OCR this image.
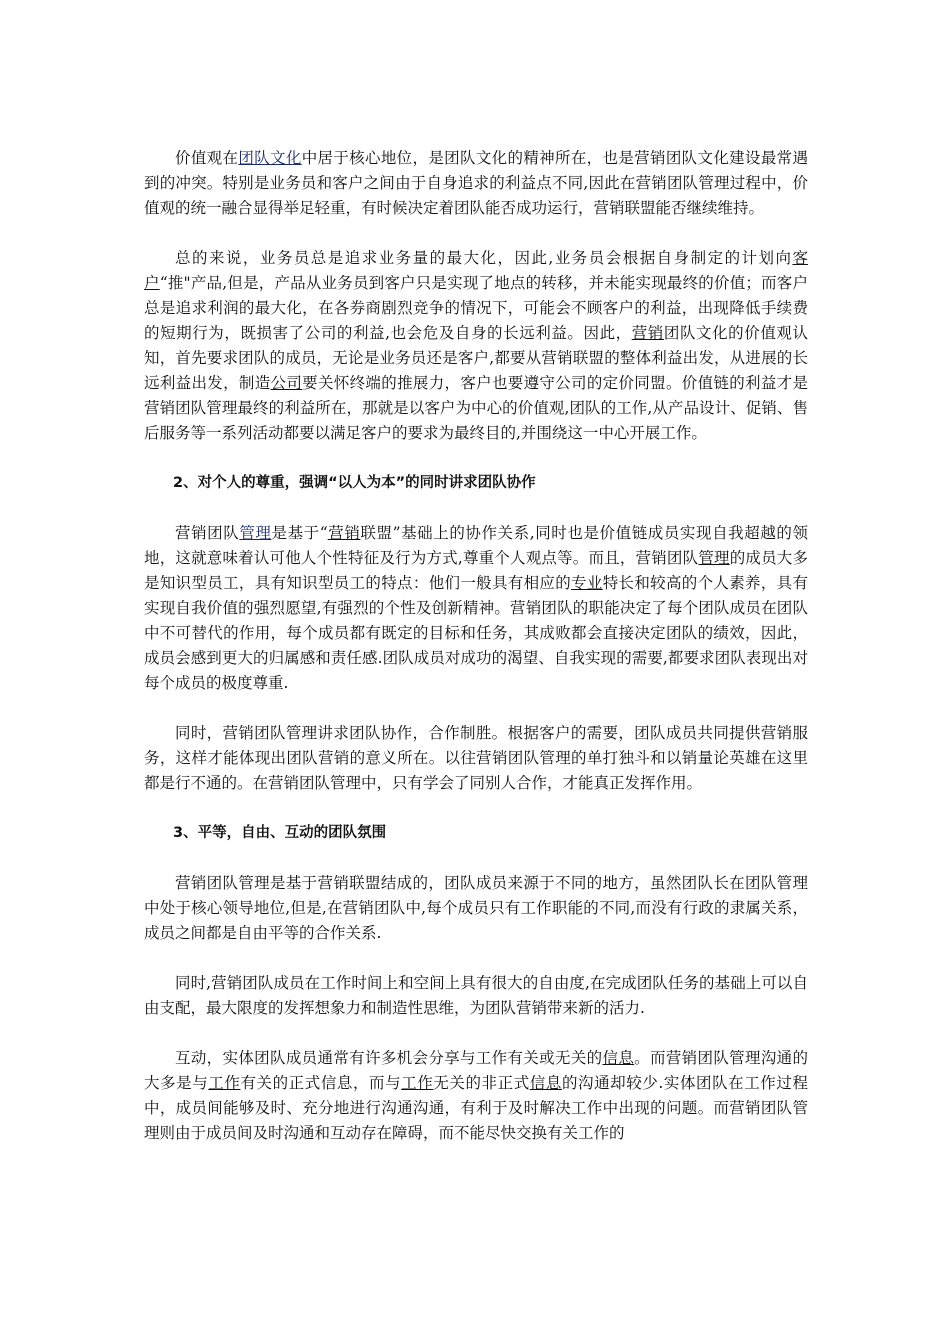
价值观在团队文化中居于核心地位，是团队文化的精神所在，也是营销团队文化建设最常遇到的冲突。特别是业务员和客户之间由于自身追求的利益点不同,因此在营销团队管理过程中，价值观的统一融合显得举足轻重，有时候决定着团队能否成功运行，营销联盟能否继续维持。

总的来说，业务员总是追求业务量的最大化，因此,业务员会根据自身制定的计划向客户“推"产品,但是，产品从业务员到客户只是实现了地点的转移，并未能实现最终的价值；而客户总是追求利润的最大化，在各券商剧烈竞争的情况下，可能会不顾客户的利益，出现降低手续费的短期行为，既损害了公司的利益,也会危及自身的长远利益。因此，营销团队文化的价值观认知，首先要求团队的成员，无论是业务员还是客户,都要从营销联盟的整体利益出发，从进展的长远利益出发，制造公司要关怀终端的推展力，客户也要遵守公司的定价同盟。价值链的利益才是营销团队管理最终的利益所在，那就是以客户为中心的价值观,团队的工作,从产品设计、促销、售后服务等一系列活动都要以满足客户的要求为最终目的,并围绕这一中心开展工作。

2、对个人的尊重，强调“以人为本”的同时讲求团队协作

营销团队管理是基于“营销联盟”基础上的协作关系,同时也是价值链成员实现自我超越的领地，这就意味着认可他人个性特征及行为方式,尊重个人观点等。而且，营销团队管理的成员大多是知识型员工，具有知识型员工的特点：他们一般具有相应的专业特长和较高的个人素养，具有实现自我价值的强烈愿望,有强烈的个性及创新精神。营销团队的职能决定了每个团队成员在团队中不可替代的作用，每个成员都有既定的目标和任务，其成败都会直接决定团队的绩效，因此，成员会感到更大的归属感和责任感.团队成员对成功的渴望、自我实现的需要,都要求团队表现出对每个成员的极度尊重.

同时，营销团队管理讲求团队协作，合作制胜。根据客户的需要，团队成员共同提供营销服务，这样才能体现出团队营销的意义所在。以往营销团队管理的单打独斗和以销量论英雄在这里都是行不通的。在营销团队管理中，只有学会了同别人合作，才能真正发挥作用。

3、平等，自由、互动的团队氛围

营销团队管理是基于营销联盟结成的，团队成员来源于不同的地方，虽然团队长在团队管理中处于核心领导地位,但是,在营销团队中,每个成员只有工作职能的不同,而没有行政的隶属关系，成员之间都是自由平等的合作关系.

同时,营销团队成员在工作时间上和空间上具有很大的自由度,在完成团队任务的基础上可以自由支配，最大限度的发挥想象力和制造性思维，为团队营销带来新的活力.

互动，实体团队成员通常有许多机会分享与工作有关或无关的信息。而营销团队管理沟通的大多是与工作有关的正式信息，而与工作无关的非正式信息的沟通却较少.实体团队在工作过程中，成员间能够及时、充分地进行沟通沟通，有利于及时解决工作中出现的问题。而营销团队管理则由于成员间及时沟通和互动存在障碍，而不能尽快交换有关工作的
